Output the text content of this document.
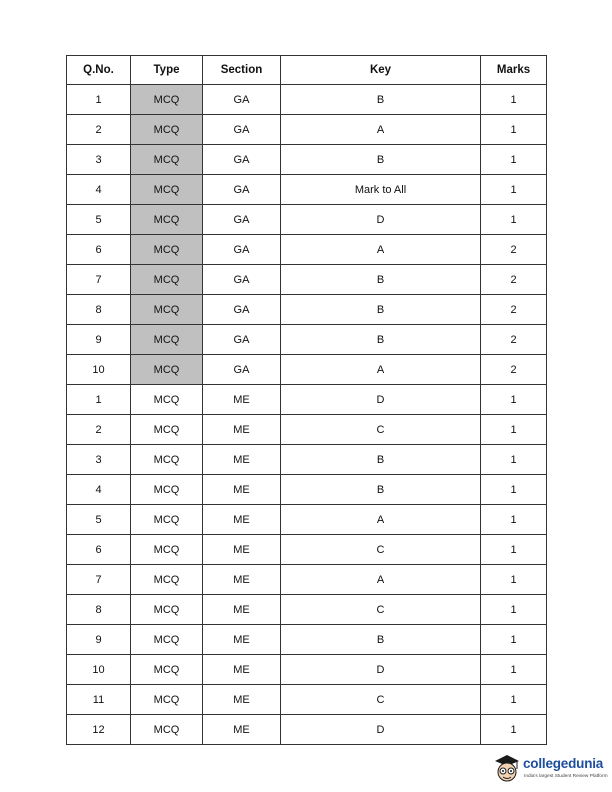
Q.No.	Type	Section	Key	Marks
1	MCQ	GA	B	1
2	MCQ	GA	A	1
3	MCQ	GA	B	1
4	MCQ	GA	Mark to All	1
5	MCQ	GA	D	1
6	MCQ	GA	A	2
7	MCQ	GA	B	2
8	MCQ	GA	B	2
9	MCQ	GA	B	2
10	MCQ	GA	A	2
1	MCQ	ME	D	1
2	MCQ	ME	C	1
3	MCQ	ME	B	1
4	MCQ	ME	B	1
5	MCQ	ME	A	1
6	MCQ	ME	C	1
7	MCQ	ME	A	1
8	MCQ	ME	C	1
9	MCQ	ME	B	1
10	MCQ	ME	D	1
11	MCQ	ME	C	1
12	MCQ	ME	D	1
collegedunia
India's largest Student Review Platform
